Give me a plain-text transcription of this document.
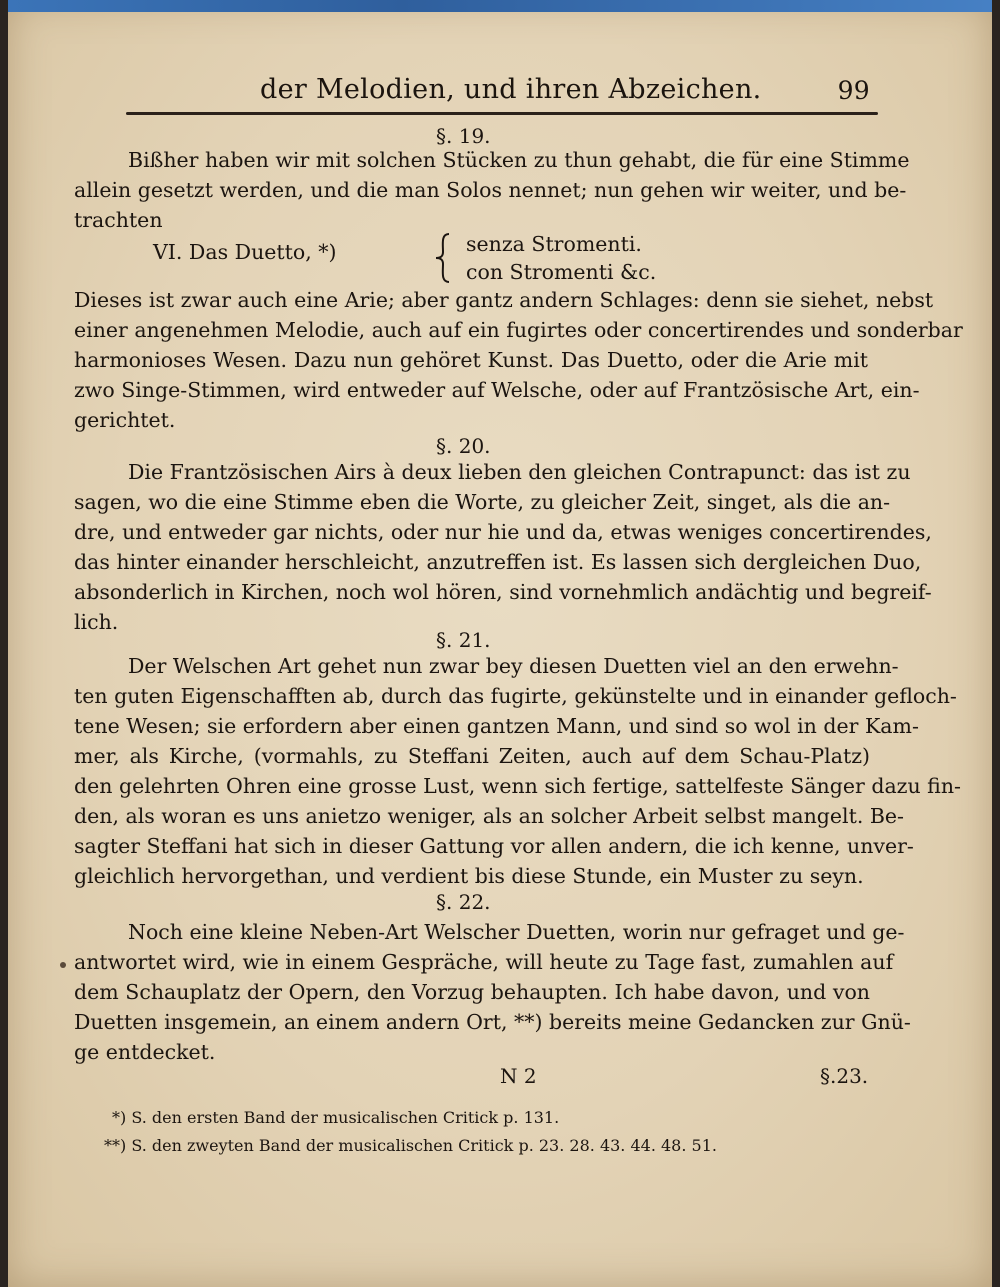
der Melodien, und ihren Abzeichen.	99
§. 19.
Bißher haben wir mit solchen Stücken zu thun gehabt, die für eine Stimme
allein gesetzt werden, und die man Solos nennet; nun gehen wir weiter, und be-
trachten
VI. Das Duetto, *)	senza Stromenti.
con Stromenti &c.
Dieses ist zwar auch eine Arie; aber gantz andern Schlages: denn sie siehet, nebst
einer angenehmen Melodie, auch auf ein fugirtes oder concertirendes und sonderbar
harmonioses Wesen. Dazu nun gehöret Kunst. Das Duetto, oder die Arie mit
zwo Singe-Stimmen, wird entweder auf Welsche, oder auf Frantzösische Art, ein-
gerichtet.
§. 20.
Die Frantzösischen Airs à deux lieben den gleichen Contrapunct: das ist zu
sagen, wo die eine Stimme eben die Worte, zu gleicher Zeit, singet, als die an-
dre, und entweder gar nichts, oder nur hie und da, etwas weniges concertirendes,
das hinter einander herschleicht, anzutreffen ist. Es lassen sich dergleichen Duo,
absonderlich in Kirchen, noch wol hören, sind vornehmlich andächtig und begreif-
lich.
§. 21.
Der Welschen Art gehet nun zwar bey diesen Duetten viel an den erwehn-
ten guten Eigenschafften ab, durch das fugirte, gekünstelte und in einander gefloch-
tene Wesen; sie erfordern aber einen gantzen Mann, und sind so wol in der Kam-
mer, als Kirche, (vormahls, zu Steffani Zeiten, auch auf dem Schau-Platz)
den gelehrten Ohren eine grosse Lust, wenn sich fertige, sattelfeste Sänger dazu fin-
den, als woran es uns anietzo weniger, als an solcher Arbeit selbst mangelt. Be-
sagter Steffani hat sich in dieser Gattung vor allen andern, die ich kenne, unver-
gleichlich hervorgethan, und verdient bis diese Stunde, ein Muster zu seyn.
§. 22.
Noch eine kleine Neben-Art Welscher Duetten, worin nur gefraget und ge-
antwortet wird, wie in einem Gespräche, will heute zu Tage fast, zumahlen auf
dem Schauplatz der Opern, den Vorzug behaupten. Ich habe davon, und von
Duetten insgemein, an einem andern Ort, **) bereits meine Gedancken zur Gnü-
ge entdecket.
N 2	§.23.
*) S. den ersten Band der musicalischen Critick p. 131.
**) S. den zweyten Band der musicalischen Critick p. 23. 28. 43. 44. 48. 51.
